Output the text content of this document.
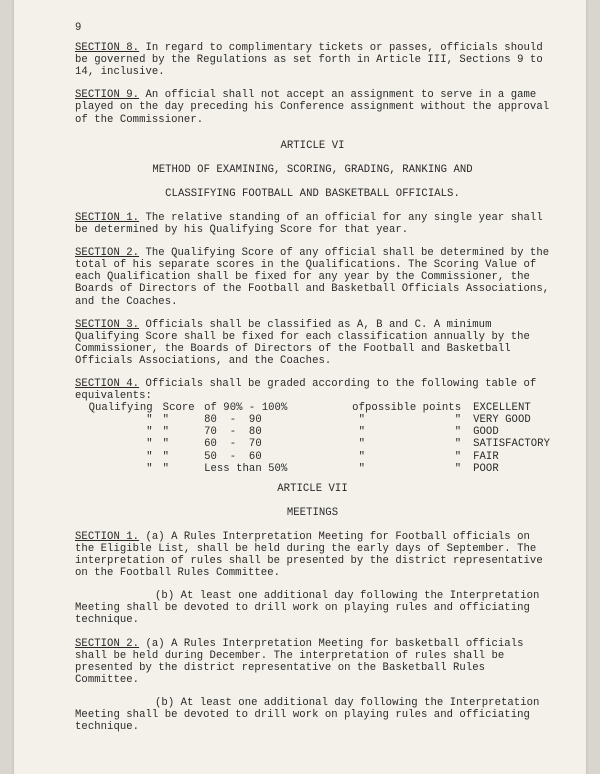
9

SECTION 8. In regard to complimentary tickets or passes, officials should be governed by the Regulations as set forth in Article III, Sections 9 to 14, inclusive.

SECTION 9. An official shall not accept an assignment to serve in a game played on the day preceding his Conference assignment without the approval of the Commissioner.

ARTICLE VI
METHOD OF EXAMINING, SCORING, GRADING, RANKING AND
CLASSIFYING FOOTBALL AND BASKETBALL OFFICIALS.

SECTION 1. The relative standing of an official for any single year shall be determined by his Qualifying Score for that year.

SECTION 2. The Qualifying Score of any official shall be determined by the total of his separate scores in the Qualifications. The Scoring Value of each Qualification shall be fixed for any year by the Commissioner, the Boards of Directors of the Football and Basketball Officials Associations, and the Coaches.

SECTION 3. Officials shall be classified as A, B and C. A minimum Qualifying Score shall be fixed for each classification annually by the Commissioner, the Boards of Directors of the Football and Basketball Officials Associations, and the Coaches.

SECTION 4. Officials shall be graded according to the following table of equivalents:

Qualifying	Score	of 90% - 100%	of	possible points	EXCELLENT
"	"	80  -  90	"	"	VERY GOOD
"	"	70  -  80	"	"	GOOD
"	"	60  -  70	"	"	SATISFACTORY
"	"	50  -  60	"	"	FAIR
"	"	Less than 50%	"	"	POOR
ARTICLE VII
MEETINGS

SECTION 1. (a) A Rules Interpretation Meeting for Football officials on the Eligible List, shall be held during the early days of September. The interpretation of rules shall be presented by the district representative on the Football Rules Committee.

(b) At least one additional day following the Interpretation Meeting shall be devoted to drill work on playing rules and officiating technique.

SECTION 2. (a) A Rules Interpretation Meeting for basketball officials shall be held during December. The interpretation of rules shall be presented by the district representative on the Basketball Rules Committee.

(b) At least one additional day following the Interpretation Meeting shall be devoted to drill work on playing rules and officiating technique.
